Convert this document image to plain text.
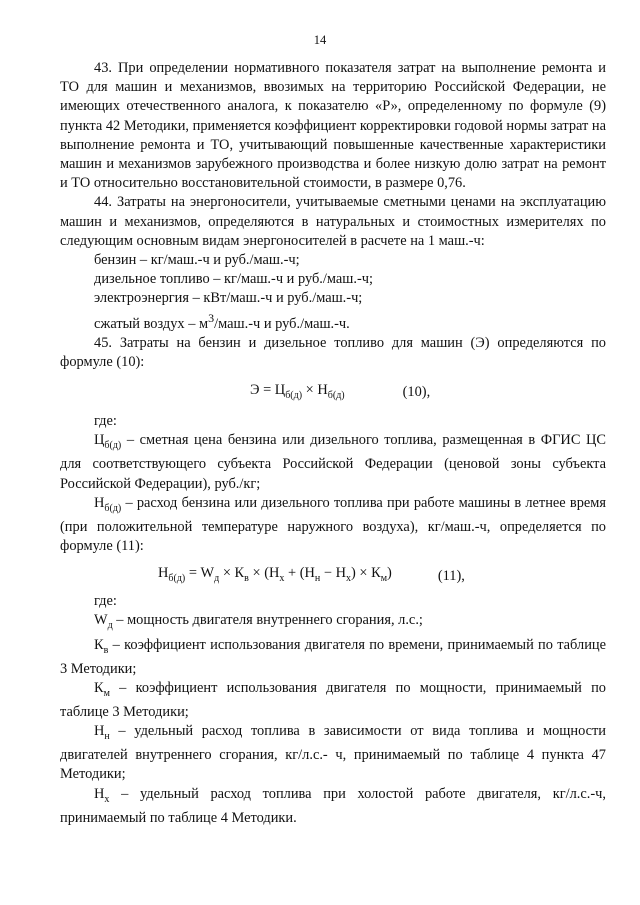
14

43. При определении нормативного показателя затрат на выполнение ремонта и ТО для машин и механизмов, ввозимых на территорию Российской Федерации, не имеющих отечественного аналога, к показателю «Р», определенному по формуле (9) пункта 42 Методики, применяется коэффициент корректировки годовой нормы затрат на выполнение ремонта и ТО, учитывающий повышенные качественные характеристики машин и механизмов зарубежного производства и более низкую долю затрат на ремонт и ТО относительно восстановительной стоимости, в размере 0,76.

44. Затраты на энергоносители, учитываемые сметными ценами на эксплуатацию машин и механизмов, определяются в натуральных и стоимостных измерителях по следующим основным видам энергоносителей в расчете на 1 маш.-ч:

бензин – кг/маш.-ч и руб./маш.-ч;

дизельное топливо – кг/маш.-ч и руб./маш.-ч;

электроэнергия – кВт/маш.-ч и руб./маш.-ч;

сжатый воздух – $м^3/маш.-ч$ и руб./маш.-ч.

45. Затраты на бензин и дизельное топливо для машин (Э) определяются по формуле (10):

$Э = Ц_{б(д)} \times Н_{б(д)}$	(10),

где:

$Ц_{б(д)}$ – сметная цена бензина или дизельного топлива, размещенная в ФГИС ЦС для соответствующего субъекта Российской Федерации (ценовой зоны субъекта Российской Федерации), руб./кг;

$Н_{б(д)}$ – расход бензина или дизельного топлива при работе машины в летнее время (при положительной температуре наружного воздуха), кг/маш.-ч, определяется по формуле (11):

$Н_{б(д)} = W_д \times К_в \times (Н_х + (Н_н - Н_х) \times К_м)$	(11),

где:

$W_д$ – мощность двигателя внутреннего сгорания, л.с.;

$К_в$ – коэффициент использования двигателя по времени, принимаемый по таблице 3 Методики;

$К_м$ – коэффициент использования двигателя по мощности, принимаемый по таблице 3 Методики;

$Н_н$ – удельный расход топлива в зависимости от вида топлива и мощности двигателей внутреннего сгорания, кг/л.с.- ч, принимаемый по таблице 4 пункта 47 Методики;

$Н_х$ – удельный расход топлива при холостой работе двигателя, кг/л.с.-ч, принимаемый по таблице 4 Методики.
